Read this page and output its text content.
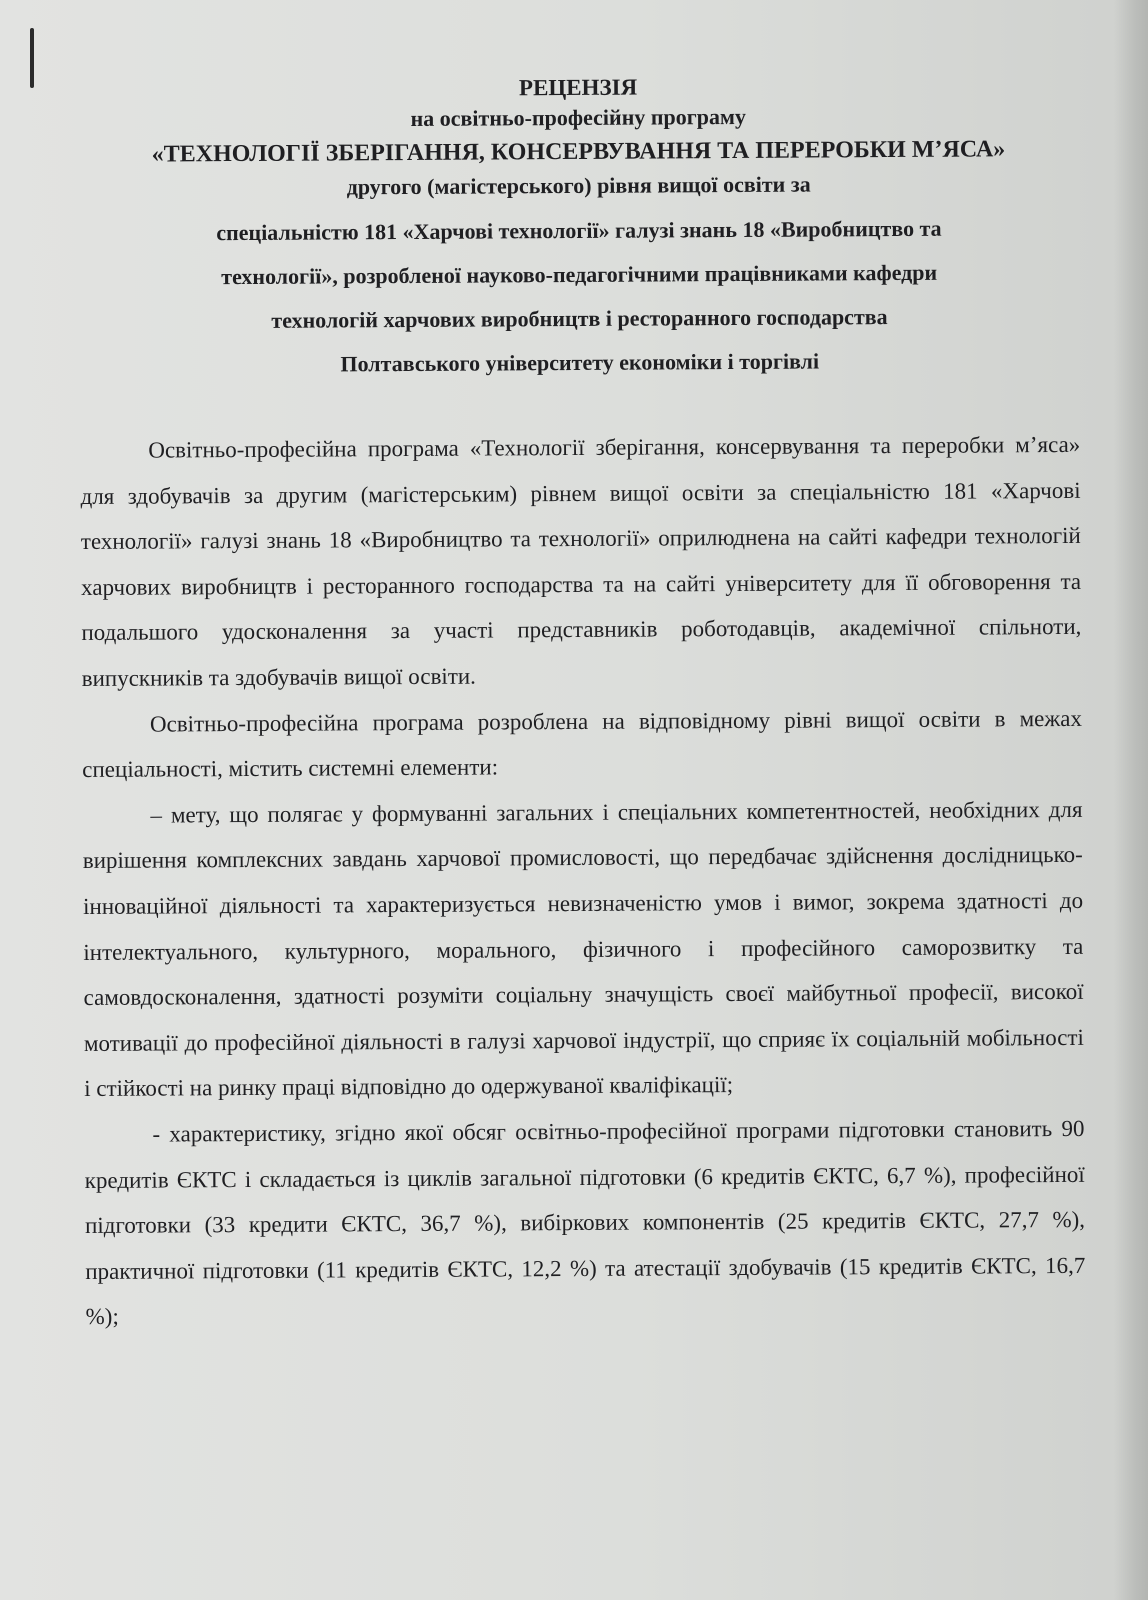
РЕЦЕНЗІЯ

на освітньо-професійну програму

«ТЕХНОЛОГІЇ ЗБЕРІГАННЯ, КОНСЕРВУВАННЯ ТА ПЕРЕРОБКИ М’ЯСА»

другого (магістерського) рівня вищої освіти за

спеціальністю 181 «Харчові технології» галузі знань 18 «Виробництво та

технології», розробленої науково-педагогічними працівниками кафедри

технологій харчових виробництв і ресторанного господарства

Полтавського університету економіки і торгівлі

Освітньо-професійна програма «Технології зберігання, консервування та переробки м’яса» для здобувачів за другим (магістерським) рівнем вищої освіти за спеціальністю 181 «Харчові технології» галузі знань 18 «Виробництво та технології» оприлюднена на сайті кафедри технологій харчових виробництв і ресторанного господарства та на сайті університету для її обговорення та подальшого удосконалення за участі представників роботодавців, академічної спільноти, випускників та здобувачів вищої освіти.

Освітньо-професійна програма розроблена на відповідному рівні вищої освіти в межах спеціальності, містить системні елементи:

– мету, що полягає у формуванні загальних і спеціальних компетентностей, необхідних для вирішення комплексних завдань харчової промисловості, що передбачає здійснення дослідницько-інноваційної діяльності та характеризується невизначеністю умов і вимог, зокрема здатності до інтелектуального, культурного, морального, фізичного і професійного саморозвитку та самовдосконалення, здатності розуміти соціальну значущість своєї майбутньої професії, високої мотивації до професійної діяльності в галузі харчової індустрії, що сприяє їх соціальній мобільності і стійкості на ринку праці відповідно до одержуваної кваліфікації;

- характеристику, згідно якої обсяг освітньо-професійної програми підготовки становить 90 кредитів ЄКТС і складається із циклів загальної підготовки (6 кредитів ЄКТС, 6,7 %), професійної підготовки (33 кредити ЄКТС, 36,7 %), вибіркових компонентів (25 кредитів ЄКТС, 27,7 %), практичної підготовки (11 кредитів ЄКТС, 12,2 %) та атестації здобувачів (15 кредитів ЄКТС, 16,7 %);
